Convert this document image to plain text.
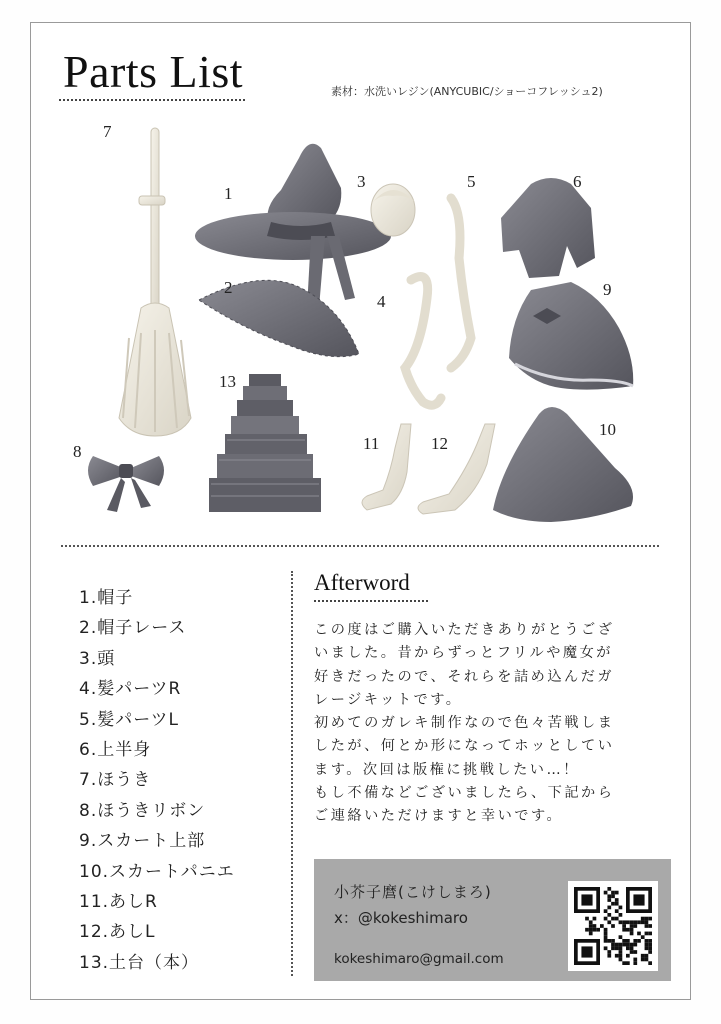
Parts List	素材：水洗いレジン(ANYCUBIC/ショーコフレッシュ2)
7
1
2
3
4
5	6
8
9
10
11	12
13
1.帽子
2.帽子レース
3.頭
4.髪パーツR
5.髪パーツL
6.上半身
7.ほうき
8.ほうきリボン
9.スカート上部
10.スカートパニエ
11.あしR
12.あしL
13.土台（本）
Afterword
この度はご購入いただきありがとうござ
いました。昔からずっとフリルや魔女が
好きだったので、それらを詰め込んだガ
レージキットです。
初めてのガレキ制作なので色々苦戦しま
したが、何とか形になってホッとしてい
ます。次回は版権に挑戦したい…！
もし不備などございましたら、下記から
ご連絡いただけますと幸いです。
小芥子麿(こけしまろ)
x：@kokeshimaro
kokeshimaro@gmail.com
